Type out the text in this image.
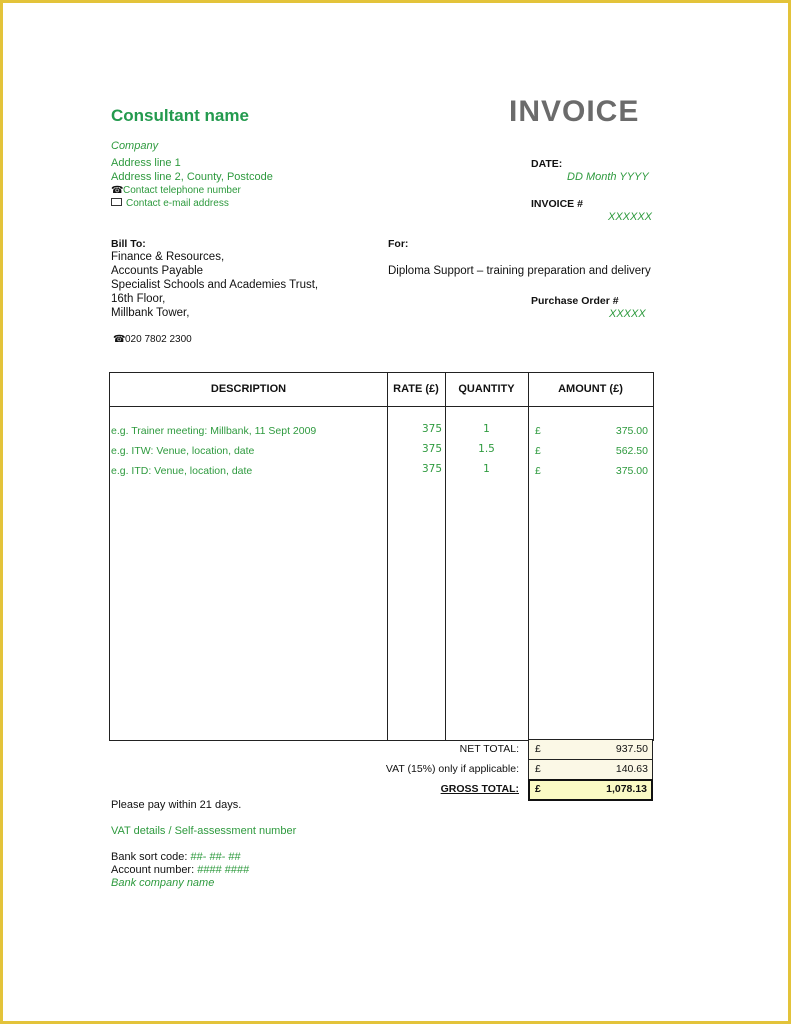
Consultant name	INVOICE
Company
Address line 1
Address line 2, County, Postcode
☎Contact telephone number
Contact e-mail address
DATE:
DD Month YYYY
INVOICE #
XXXXXX
Bill To:
Finance & Resources,
Accounts Payable
Specialist Schools and Academies Trust,
16th Floor,
Millbank Tower,
☎020 7802 2300
For:
Diploma Support – training preparation and delivery
Purchase Order #
XXXXX
DESCRIPTION	RATE (£)	QUANTITY	AMOUNT (£)
e.g. Trainer meeting: Millbank, 11 Sept 2009	375	1	£	375.00
e.g. ITW: Venue, location, date	375	1.5	£	562.50
e.g. ITD: Venue, location, date	375	1	£	375.00
NET TOTAL: £	937.50
VAT (15%) only if applicable: £	140.63
GROSS TOTAL: £	1,078.13
Please pay within 21 days.
VAT details / Self-assessment number
Bank sort code: ##- ##- ##
Account number: #### ####
Bank company name
